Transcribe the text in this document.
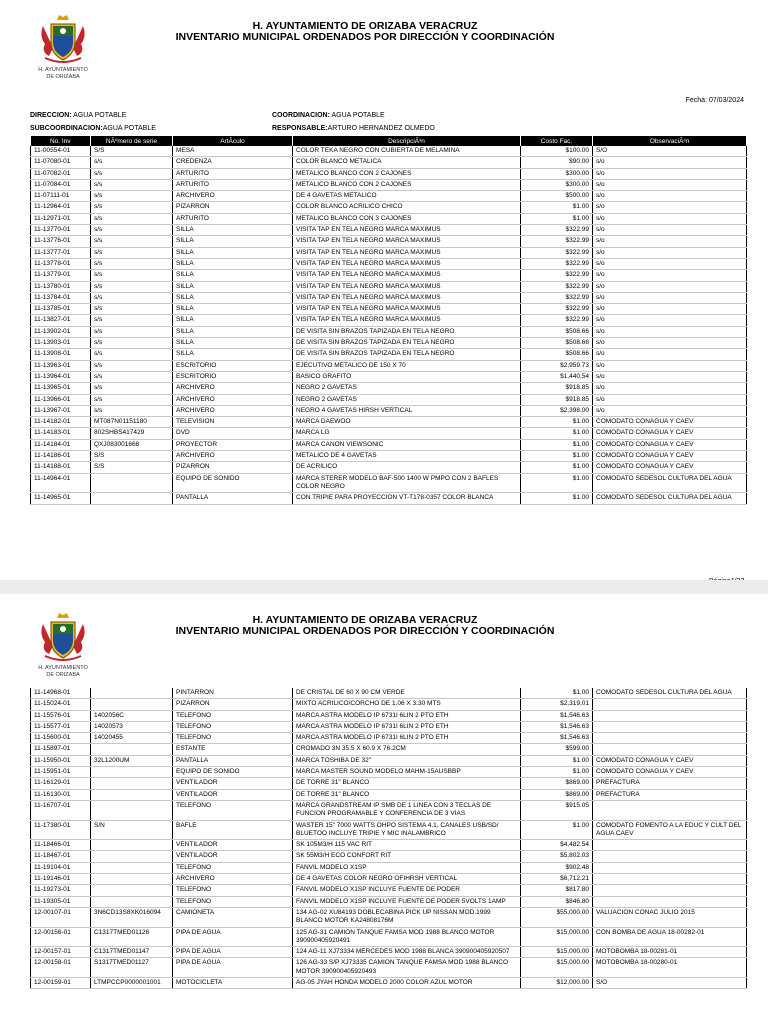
H. AYUNTAMIENTO
DE ORIZABA
H. AYUNTAMIENTO DE ORIZABA VERACRUZ
INVENTARIO MUNICIPAL ORDENADOS POR DIRECCIÓN Y COORDINACIÓN
Fecha: 07/03/2024
DIRECCION: AGUA POTABLE	COORDINACION: AGUA POTABLE
SUBCOORDINACION:AGUA POTABLE	RESPONSABLE:ARTURO HERNANDEZ OLMEDO
No. Inv	NÃºmero de serie	ArtÃculo	DescripciÃ³n	Costo Fac.	ObservaciÃ³n
11-00554-01	S/S	MESA	COLOR TEKA NEGRO CON CUBIERTA DE MELAMINA	$100.00	S/O
11-07080-01	s/s	CREDENZA	COLOR BLANCO METALICA	$90.00	s/o
11-07082-01	s/s	ARTURITO	METALICO BLANCO CON 2 CAJONES	$300.00	s/o
11-07084-01	s/s	ARTURITO	METALICO BLANCO CON 2 CAJONES	$300.00	s/o
11-07111-01	s/s	ARCHIVERO	DE 4 GAVETAS METALICO	$500.00	s/o
11-12964-01	s/s	PIZARRON	COLOR BLANCO ACRILICO CHICO	$1.00	s/o
11-12971-01	s/s	ARTURITO	METALICO BLANCO CON 3 CAJONES	$1.00	s/o
11-13770-01	s/s	SILLA	VISITA TAP EN TELA NEGRO MARCA MAXIMUS	$322.99	s/o
11-13776-01	s/s	SILLA	VISITA TAP EN TELA NEGRO MARCA MAXIMUS	$322.99	s/o
11-13777-01	s/s	SILLA	VISITA TAP EN TELA NEGRO MARCA MAXIMUS	$322.99	s/o
11-13778-01	s/s	SILLA	VISITA TAP EN TELA NEGRO MARCA MAXIMUS	$322.99	s/o
11-13779-01	s/s	SILLA	VISITA TAP EN TELA NEGRO MARCA MAXIMUS	$322.99	s/o
11-13780-01	s/s	SILLA	VISITA TAP EN TELA NEGRO MARCA MAXIMUS	$322.99	s/o
11-13784-01	s/s	SILLA	VISITA TAP EN TELA NEGRO MARCA MAXIMUS	$322.99	s/o
11-13785-01	s/s	SILLA	VISITA TAP EN TELA NEGRO MARCA MAXIMUS	$322.99	s/o
11-13827-01	s/s	SILLA	VISITA TAP EN TELA NEGRO MARCA MAXIMUS	$322.99	s/o
11-13902-01	s/s	SILLA	DE VISITA SIN BRAZOS TAPIZADA EN TELA NEGRO	$508.66	s/o
11-13903-01	s/s	SILLA	DE VISITA SIN BRAZOS TAPIZADA EN TELA NEGRO	$508.66	s/o
11-13908-01	s/s	SILLA	DE VISITA SIN BRAZOS TAPIZADA EN TELA NEGRO	$508.66	s/o
11-13963-01	s/s	ESCRITORIO	EJECUTIVO METALICO DE 150 X 70	$2,959.73	s/o
11-13964-01	s/s	ESCRITORIO	BASICO GRAFITO	$1,440.54	s/o
11-13965-01	s/s	ARCHIVERO	NEGRO 2 GAVETAS	$918.85	s/o
11-13966-01	s/s	ARCHIVERO	NEGRO 2 GAVETAS	$918.85	s/o
11-13967-01	s/s	ARCHIVERO	NEGRO 4 GAVETAS HIRSH VERTICAL	$2,398.00	s/o
11-14182-01	MT087N01151180	TELEVISION	MARCA DAEWOO	$1.00	COMODATO CONAGUA Y CAEV
11-14183-01	802SHBS417429	DVD	MARCA LG	$1.00	COMODATO CONAGUA Y CAEV
11-14184-01	QXJ083001668	PROYECTOR	MARCA CANON VIEWSONIC	$1.00	COMODATO CONAGUA Y CAEV
11-14186-01	S/S	ARCHIVERO	METALICO DE 4 GAVETAS	$1.00	COMODATO CONAGUA Y CAEV
11-14188-01	S/S	PIZARRON	DE ACRILICO	$1.00	COMODATO CONAGUA Y CAEV
11-14964-01		EQUIPO DE SONIDO	MARCA STERER MODELO BAF-500 1400 W PMPO CON 2 BAFLES COLOR NEGRO	$1.00	COMODATO SEDESOL CULTURA DEL AGUA
11-14965-01		PANTALLA	CON TRIPIE PARA PROYECCION VT-T178-0357 COLOR BLANCA	$1.00	COMODATO SEDESOL CULTURA DEL AGUA
H. AYUNTAMIENTO
DE ORIZABA
H. AYUNTAMIENTO DE ORIZABA VERACRUZ
INVENTARIO MUNICIPAL ORDENADOS POR DIRECCIÓN Y COORDINACIÓN
11-14968-01		PINTARRON	DE CRISTAL DE 60 X 90 CM VERDE	$1.00	COMODATO SEDESOL CULTURA DEL AGUA
11-15024-01		PIZARRON	MIXTO ACRILICO/CORCHO DE 1.06 X 3.30 MTS	$2,319.01	
11-15576-01	1402056C	TELEFONO	MARCA ASTRA MODELO IP 6731I 6LIN 2 PTO ETH	$1,546.63	
11-15577-01	14020573	TELEFONO	MARCA ASTRA MODELO IP 6731I 6LIN 2 PTO ETH	$1,546.63	
11-15600-01	14020455	TELEFONO	MARCA ASTRA MODELO IP 6731I 6LIN 2 PTO ETH	$1,546.63	
11-15897-01		ESTANTE	CROMADO 3N 35.5 X 60.9 X 76.2CM	$599.00	
11-15950-01	32L1200UM	PANTALLA	MARCA TOSHIBA DE 32"	$1.00	COMODATO CONAGUA Y CAEV
11-15951-01		EQUIPO DE SONIDO	MARCA MASTER SOUND MODELO MAHM-15AUSBBP	$1.00	COMODATO CONAGUA Y CAEV
11-16129-01		VENTILADOR	DE TORRE 31" BLANCO	$869.00	PREFACTURA
11-16130-01		VENTILADOR	DE TORRE 31" BLANCO	$869.00	PREFACTURA
11-16707-01		TELEFONO	MARCA GRANDSTREAM IP SMB DE 1 LINEA CON 3 TECLAS DE FUNCION PROGRAMABLE Y CONFERENCIA DE 3 VIAS	$915.05	
11-17380-01	S/N	BAFLE	WASTER 15" 7000 WATTS OHPO SISTEMA 4.1, CANALES USB/SD/ BLUETOO INCLUYE TRIPIE Y MIC INALAMBRICO	$1.00	COMODATO FOMENTO A LA EDUC Y CULT DEL AGUA CAEV
11-18466-01		VENTILADOR	SK 105M3/H 115 VAC RIT	$4,482.54	
11-18467-01		VENTILADOR	SK 55M3/H ECO CONFORT RIT	$5,802.03	
11-19104-01		TELEFONO	FANVIL MODELO X1SP	$902.48	
11-19146-01		ARCHIVERO	DE 4 GAVETAS COLOR NEGRO OFIHRSH VERTICAL	$6,712.21	
11-19273-01		TELEFONO	FANVIL MODELO X1SP INCLUYE FUENTE DE PODER	$817.80	
11-19305-01		TELEFONO	FANVIL MODELO X1SP INCLUYE FUENTE DE PODER 5VOLTS 1AMP	$846.80	
12-00107-01	3N6CD13S8XK016094	CAMIONETA	134 AG-02 XU84193 DOBLECABINA PICK UP NISSAN MOD.1999 BLANCO MOTOR KA24808176M	$55,000.00	VALUACION CONAC JULIO 2015
12-00156-01	C1317TMED01126	PIPA DE AGUA	125 AG-31 CAMION TANQUE FAMSA MOD 1988 BLANCO MOTOR 390900405920491	$15,000.00	CON BOMBA DE AGUA 18-00282-01
12-00157-01	C1317TMED01147	PIPA DE AGUA	124 AG-11 XJ73334 MERCEDES MOD 1988 BLANCA 390900405920507	$15,000.00	MOTOBOMBA 18-00281-01
12-00158-01	S1317TMED01127	PIPA DE AGUA	126 AG-33 S/P XJ73335 CAMION TANQUE FAMSA MOD 1988 BLANCO MOTOR 390900405920493	$15,000.00	MOTOBOMBA 18-00280-01
12-00159-01	LTMPCCP0000001001	MOTOCICLETA	AG-05 JYAH HONDA MODELO 2000 COLOR AZUL MOTOR	$12,000.00	S/O
